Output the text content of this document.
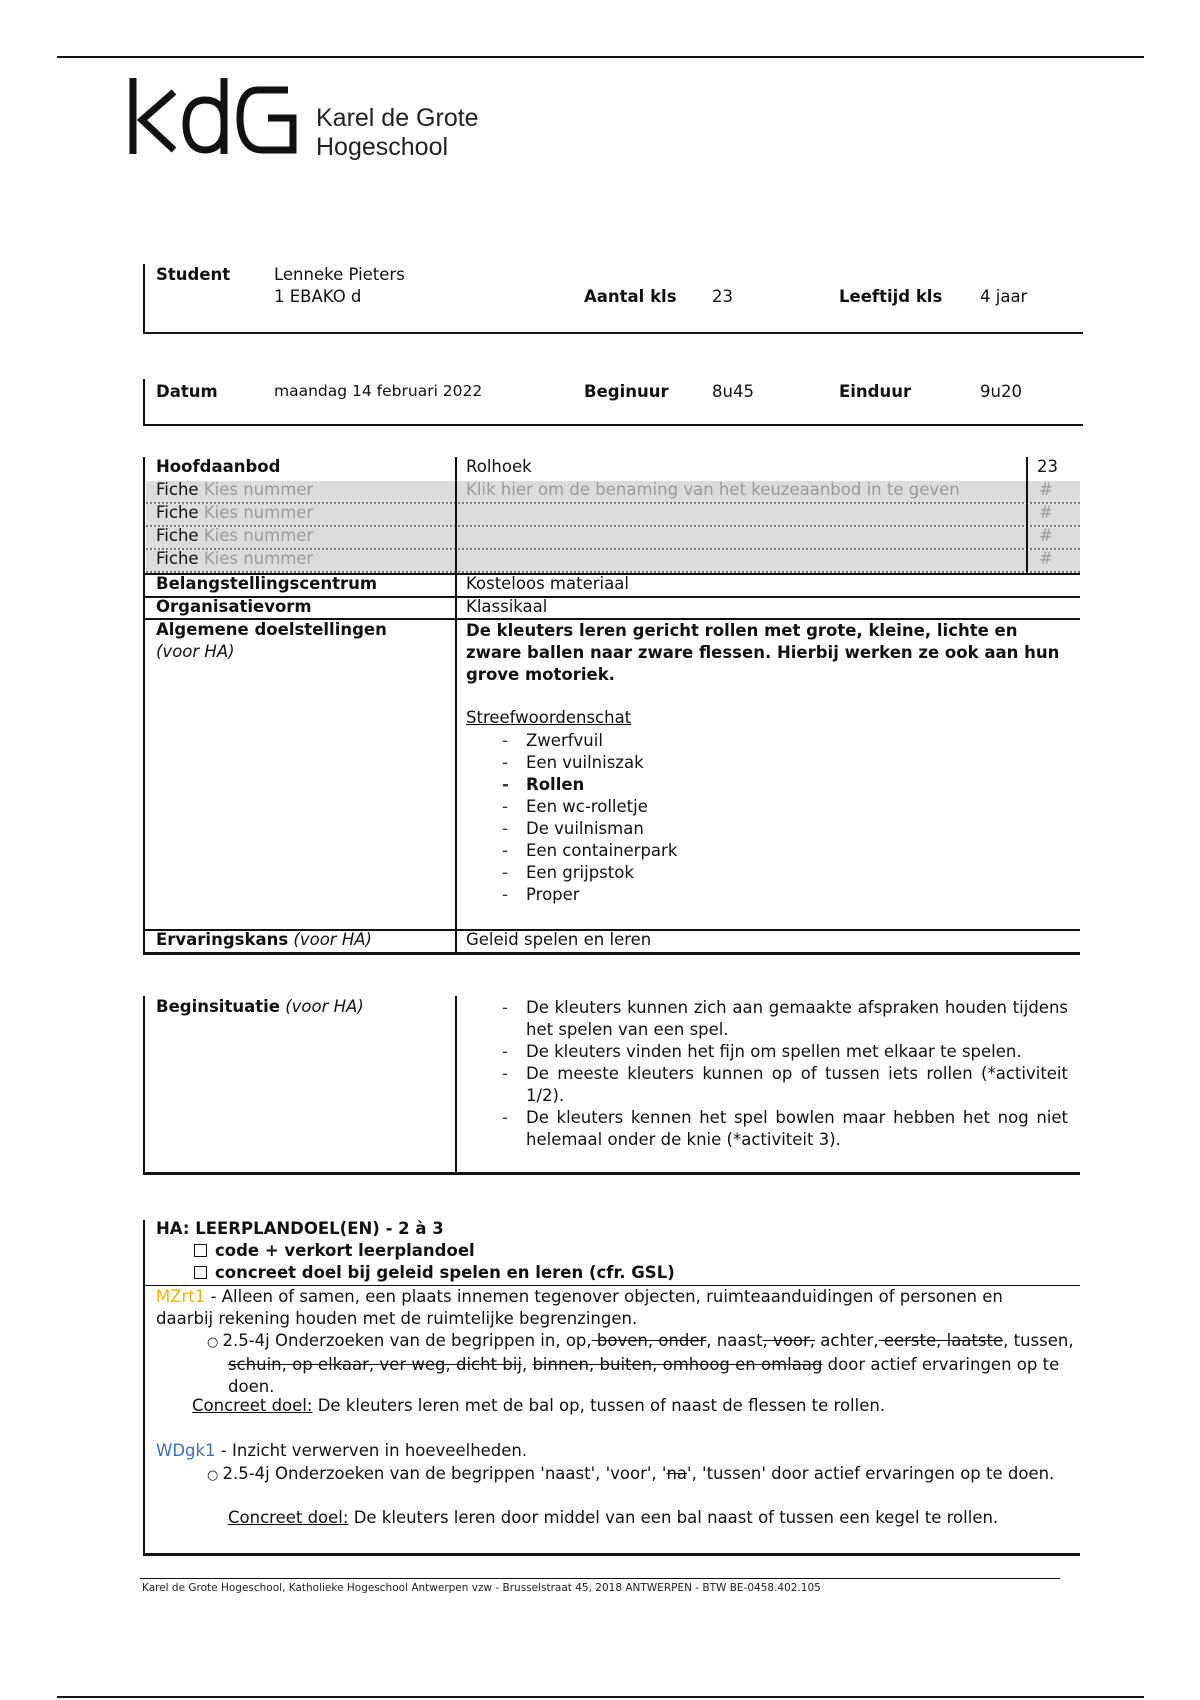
Karel de Grote
Hogeschool
Student	Lenneke Pieters
1 EBAKO d	Aantal kls 23	Leeftijd kls 4 jaar
Datum	maandag 14 februari 2022	Beginuur	8u45	Einduur	9u20
Hoofdaanbod	Rolhoek	23
Fiche Kies nummer	Klik hier om de benaming van het keuzeaanbod in te geven	#
Fiche Kies nummer	#
Fiche Kies nummer	#
Fiche Kies nummer	#
Belangstellingscentrum	Kosteloos materiaal
Organisatievorm	Klassikaal
Algemene doelstellingen
(voor HA)
De kleuters leren gericht rollen met grote, kleine, lichte en zware ballen naar zware flessen. Hierbij werken ze ook aan hun grove motoriek.
Streefwoordenschat
- Zwerfvuil
- Een vuilniszak
- Rollen
- Een wc-rolletje
- De vuilnisman
- Een containerpark
- Een grijpstok
- Proper
Ervaringskans (voor HA)	Geleid spelen en leren
Beginsituatie (voor HA)
-	De kleuters kunnen zich aan gemaakte afspraken houden tijdens het spelen van een spel.
- De kleuters vinden het fijn om spellen met elkaar te spelen.
- De meeste kleuters kunnen op of tussen iets rollen (*activiteit 1/2).
- De kleuters kennen het spel bowlen maar hebben het nog niet helemaal onder de knie (*activiteit 3).
HA: LEERPLANDOEL(EN) - 2 à 3
code + verkort leerplandoel
concreet doel bij geleid spelen en leren (cfr. GSL)
MZrt1 - Alleen of samen, een plaats innemen tegenover objecten, ruimteaanduidingen of personen en daarbij rekening houden met de ruimtelijke begrenzingen.
○ 2.5-4j Onderzoeken van de begrippen in, op, boven, onder, naast, voor, achter, eerste, laatste, tussen, schuin, op elkaar, ver weg, dicht bij, binnen, buiten, omhoog en omlaag door actief ervaringen op te doen.
Concreet doel: De kleuters leren met de bal op, tussen of naast de flessen te rollen.
WDgk1 - Inzicht verwerven in hoeveelheden.
○ 2.5-4j Onderzoeken van de begrippen 'naast', 'voor', 'na', 'tussen' door actief ervaringen op te doen.
Concreet doel: De kleuters leren door middel van een bal naast of tussen een kegel te rollen.
Karel de Grote Hogeschool, Katholieke Hogeschool Antwerpen vzw - Brusselstraat 45, 2018 ANTWERPEN - BTW BE-0458.402.105
